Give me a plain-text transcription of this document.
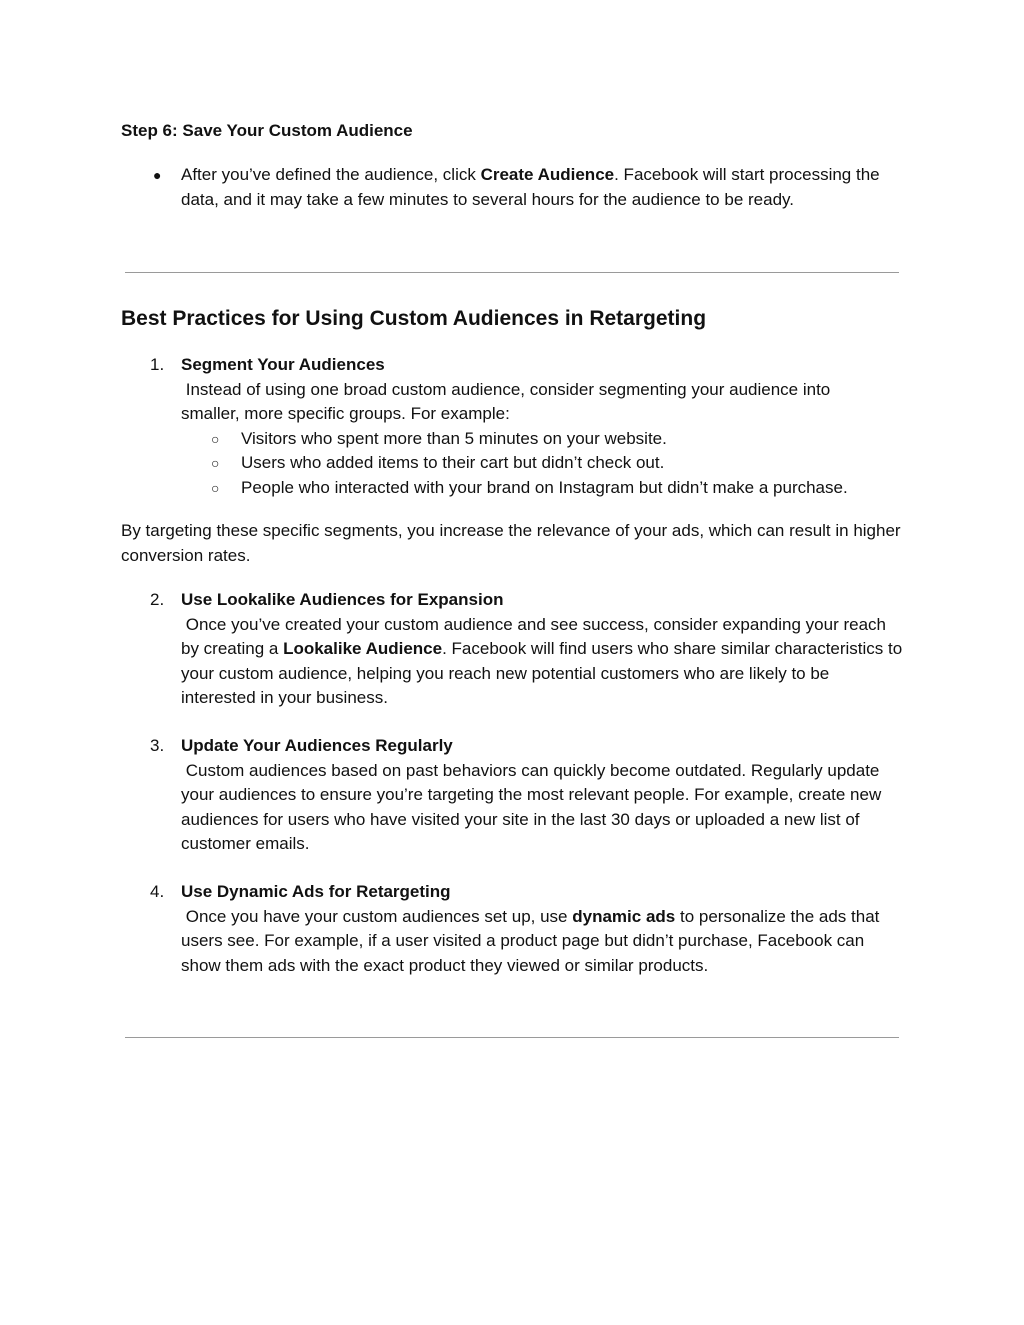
Step 6: Save Your Custom Audience
● After you’ve defined the audience, click Create Audience. Facebook will start processing the data, and it may take a few minutes to several hours for the audience to be ready.
Best Practices for Using Custom Audiences in Retargeting
1. Segment Your Audiences
Instead of using one broad custom audience, consider segmenting your audience into smaller, more specific groups. For example:
○ Visitors who spent more than 5 minutes on your website.
○ Users who added items to their cart but didn’t check out.
○ People who interacted with your brand on Instagram but didn’t make a purchase.
By targeting these specific segments, you increase the relevance of your ads, which can result in higher conversion rates.
2. Use Lookalike Audiences for Expansion
Once you’ve created your custom audience and see success, consider expanding your reach by creating a Lookalike Audience. Facebook will find users who share similar characteristics to your custom audience, helping you reach new potential customers who are likely to be interested in your business.
3. Update Your Audiences Regularly
Custom audiences based on past behaviors can quickly become outdated. Regularly update your audiences to ensure you’re targeting the most relevant people. For example, create new audiences for users who have visited your site in the last 30 days or uploaded a new list of customer emails.
4. Use Dynamic Ads for Retargeting
Once you have your custom audiences set up, use dynamic ads to personalize the ads that users see. For example, if a user visited a product page but didn’t purchase, Facebook can show them ads with the exact product they viewed or similar products.
